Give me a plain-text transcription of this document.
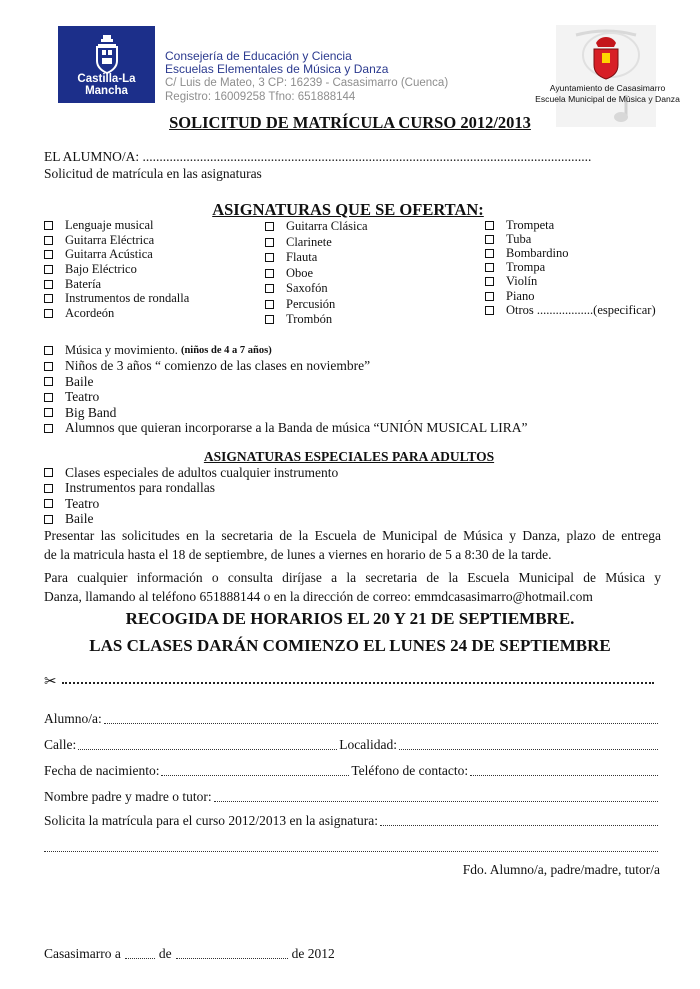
Castilla-La Mancha
Consejería de Educación y Ciencia
Escuelas Elementales de Música y Danza
C/ Luis de Mateo, 3 CP: 16239 - Casasimarro (Cuenca)
Registro: 16009258 Tfno: 651888144
Ayuntamiento de Casasimarro
Escuela Municipal de Música y Danza
SOLICITUD DE MATRÍCULA CURSO 2012/2013
EL ALUMNO/A: .....................................................................................................................................
Solicitud de matrícula en las asignaturas
ASIGNATURAS QUE SE OFERTAN:
Lenguaje musical
Guitarra Eléctrica
Guitarra Acústica
Bajo Eléctrico
Batería
Instrumentos de rondalla
Acordeón
Guitarra Clásica
Clarinete
Flauta
Oboe
Saxofón
Percusión
Trombón
Trompeta
Tuba
Bombardino
Trompa
Violín
Piano
Otros ..................(especificar)
Música y movimiento.
(niños de 4 a 7 años)
Niños de 3 años “ comienzo de las clases en noviembre”
Baile
Teatro
Big Band
Alumnos que quieran incorporarse a la Banda de música “UNIÓN MUSICAL LIRA”
ASIGNATURAS ESPECIALES PARA ADULTOS
Clases especiales de adultos cualquier instrumento
Instrumentos para rondallas
Teatro
Baile
Presentar las solicitudes en la secretaria de la Escuela de Municipal de Música y Danza, plazo de entrega
de la matricula hasta el 18 de septiembre, de lunes a viernes en horario de 5 a 8:30 de la tarde.
Para cualquier información o consulta diríjase a la secretaria de la Escuela Municipal de Música y
Danza, llamando al teléfono 651888144 o en la dirección de correo: emmdcasasimarro@hotmail.com
RECOGIDA DE HORARIOS EL 20 Y 21 DE SEPTIEMBRE.
LAS CLASES DARÁN COMIENZO EL LUNES 24 DE SEPTIEMBRE
✂
Alumno/a:
Calle:	Localidad:
Fecha de nacimiento:	Teléfono de contacto:
Nombre padre y madre o tutor:
Solicita la matrícula para el curso 2012/2013 en la asignatura:
Fdo. Alumno/a, padre/madre, tutor/a
Casasimarro a	de	de 2012
